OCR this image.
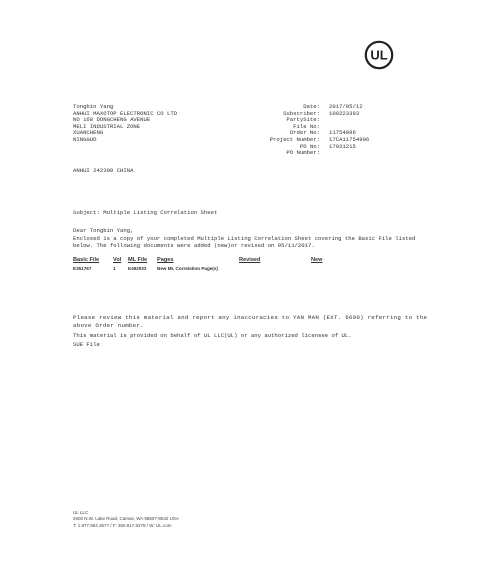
UL
Tongbin Yang
ANHUI MAXOTOP ELECTRONIC CO LTD
NO 168 DONGCHENG AVENUE
MELI INDUSTRIAL ZONE
XUANCHENG
NINGGUO
ANHUI 242300 CHINA
Date:	2017/05/12
Subscriber:	100223393
PartySite:
File No:
Order No:	11754996
Project Number:	17CA11754996
PD No:	17021215
PO Number:
Subject: Multiple Listing Correlation Sheet
Dear Tongbin Yang,
Enclosed is a copy of your completed Multiple Listing Correlation Sheet covering the Basic File listed below. The following documents were added (new)or revised on 05/11/2017.
Basic File	Vol	ML File	Pages	Revised	New
E351767	1	E492933	New ML Correlation Page(s)
Please review this material and report any inaccuracies to YAN MAN (EXT. 6690) referring to the above Order number.
This material is provided on behalf of UL LLC(UL) or any authorized licensee of UL.
SUE File
UL LLC
2600 N.W. Lake Road, Camas, WA 98607-8542 USA
T: 1.877.854.3577 / F: 360.817.6278 / W: UL.com
